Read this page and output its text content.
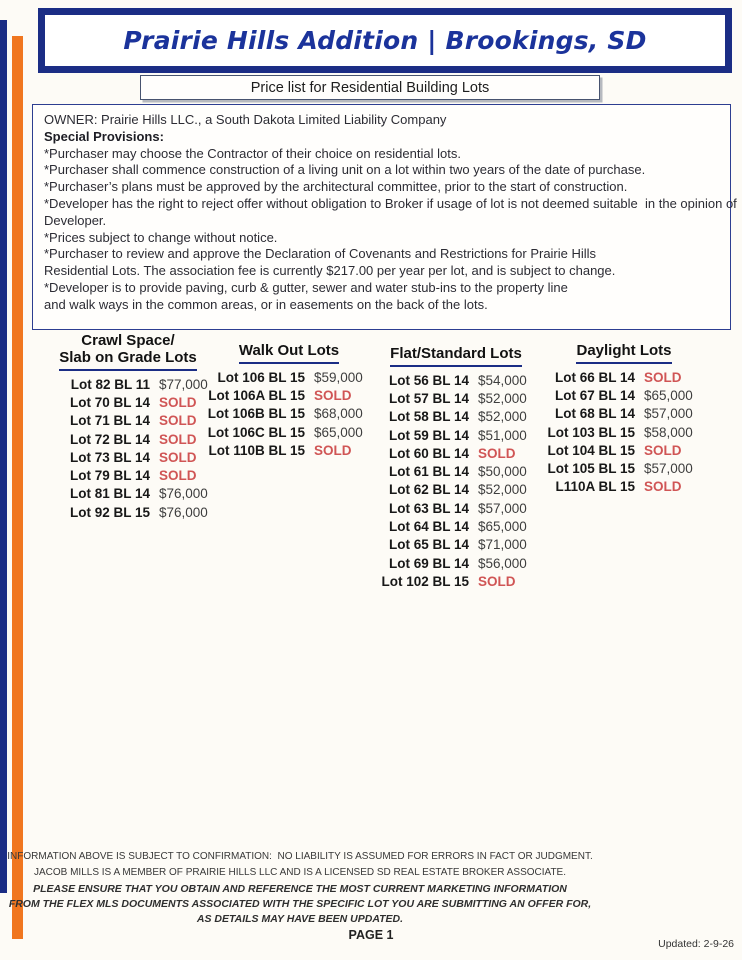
Prairie Hills Addition | Brookings, SD
Price list for Residential Building Lots
OWNER: Prairie Hills LLC., a South Dakota Limited Liability Company
Special Provisions:
*Purchaser may choose the Contractor of their choice on residential lots.
*Purchaser shall commence construction of a living unit on a lot within two years of the date of purchase.
*Purchaser’s plans must be approved by the architectural committee, prior to the start of construction.
*Developer has the right to reject offer without obligation to Broker if usage of lot is not deemed suitable  in the opinion of
Developer.
*Prices subject to change without notice.
*Purchaser to review and approve the Declaration of Covenants and Restrictions for Prairie Hills
Residential Lots. The association fee is currently $217.00 per year per lot, and is subject to change.
*Developer is to provide paving, curb & gutter, sewer and water stub-ins to the property line
and walk ways in the common areas, or in easements on the back of the lots.
Crawl Space/
Slab on Grade Lots
Lot 82 BL 11 $77,000
Lot 70 BL 14 SOLD
Lot 71 BL 14 SOLD
Lot 72 BL 14 SOLD
Lot 73 BL 14 SOLD
Lot 79 BL 14 SOLD
Lot 81 BL 14 $76,000
Lot 92 BL 15 $76,000
Walk Out Lots
Lot 106 BL 15 $59,000
Lot 106A BL 15 SOLD
Lot 106B BL 15 $68,000
Lot 106C BL 15 $65,000
Lot 110B BL 15 SOLD
Flat/Standard Lots
Lot 56 BL 14 $54,000
Lot 57 BL 14 $52,000
Lot 58 BL 14 $52,000
Lot 59 BL 14 $51,000
Lot 60 BL 14 SOLD
Lot 61 BL 14 $50,000
Lot 62 BL 14 $52,000
Lot 63 BL 14 $57,000
Lot 64 BL 14 $65,000
Lot 65 BL 14 $71,000
Lot 69 BL 14 $56,000
Lot 102 BL 15 SOLD
Daylight Lots
Lot 66 BL 14 SOLD
Lot 67 BL 14 $65,000
Lot 68 BL 14 $57,000
Lot 103 BL 15 $58,000
Lot 104 BL 15 SOLD
Lot 105 BL 15 $57,000
L110A BL 15 SOLD
INFORMATION ABOVE IS SUBJECT TO CONFIRMATION:  NO LIABILITY IS ASSUMED FOR ERRORS IN FACT OR JUDGMENT.
JACOB MILLS IS A MEMBER OF PRAIRIE HILLS LLC AND IS A LICENSED SD REAL ESTATE BROKER ASSOCIATE.
PLEASE ENSURE THAT YOU OBTAIN AND REFERENCE THE MOST CURRENT MARKETING INFORMATION
FROM THE FLEX MLS DOCUMENTS ASSOCIATED WITH THE SPECIFIC LOT YOU ARE SUBMITTING AN OFFER FOR,
AS DETAILS MAY HAVE BEEN UPDATED.
PAGE 1
Updated: 2-9-26
